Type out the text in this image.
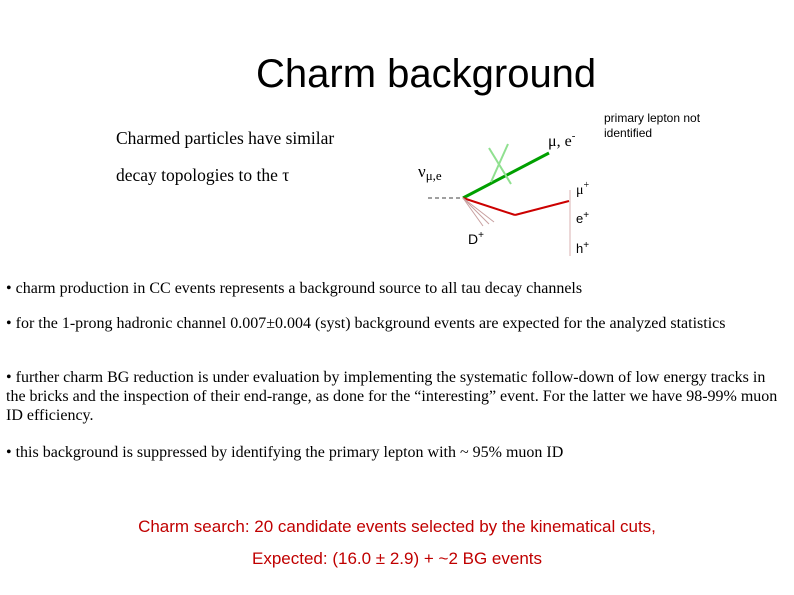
Charm background
Charmed particles have similar
decay topologies to the τ
primary lepton not
identified
μ, e-
νμ,e
D+
μ+
e+
h+
• charm production in CC events represents a background source to all tau decay channels
• for the 1-prong hadronic channel 0.007±0.004 (syst) background events are expected for the analyzed statistics
• further charm BG reduction is under evaluation by implementing the systematic follow-down of low energy tracks in the bricks and the inspection of their end-range, as done for the “interesting” event. For the latter we have 98-99% muon ID efficiency.
• this background is suppressed by identifying the primary lepton with ~ 95% muon ID
Charm search: 20 candidate events selected by the kinematical cuts,
Expected: (16.0 ± 2.9) + ~2 BG events
